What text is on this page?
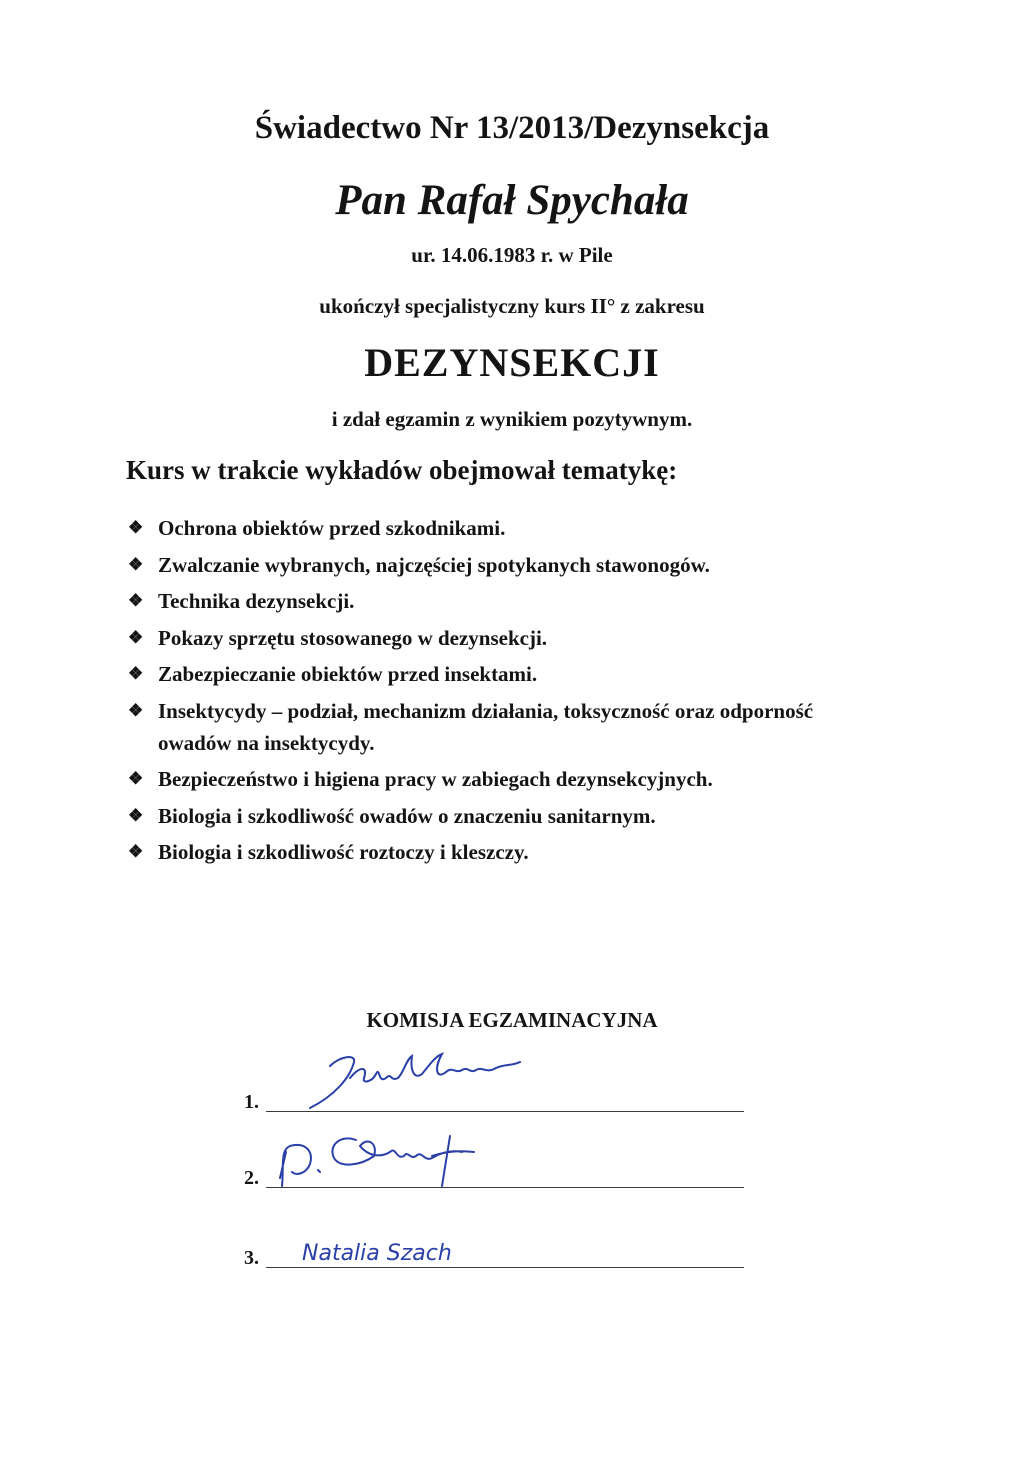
Świadectwo Nr 13/2013/Dezynsekcja
Pan Rafał Spychała
ur. 14.06.1983 r. w Pile
ukończył specjalistyczny kurs II° z zakresu
DEZYNSEKCJI
i zdał egzamin z wynikiem pozytywnym.
Kurs w trakcie wykładów obejmował tematykę:
❖ Ochrona obiektów przed szkodnikami.
❖ Zwalczanie wybranych, najczęściej spotykanych stawonogów.
❖ Technika dezynsekcji.
❖ Pokazy sprzętu stosowanego w dezynsekcji.
❖ Zabezpieczanie obiektów przed insektami.
❖ Insektycydy – podział, mechanizm działania, toksyczność oraz odporność owadów na insektycydy.
❖ Bezpieczeństwo i higiena pracy w zabiegach dezynsekcyjnych.
❖ Biologia i szkodliwość owadów o znaczeniu sanitarnym.
❖ Biologia i szkodliwość roztoczy i kleszczy.
KOMISJA EGZAMINACYJNA
1.
2.
3. Natalia Szach
